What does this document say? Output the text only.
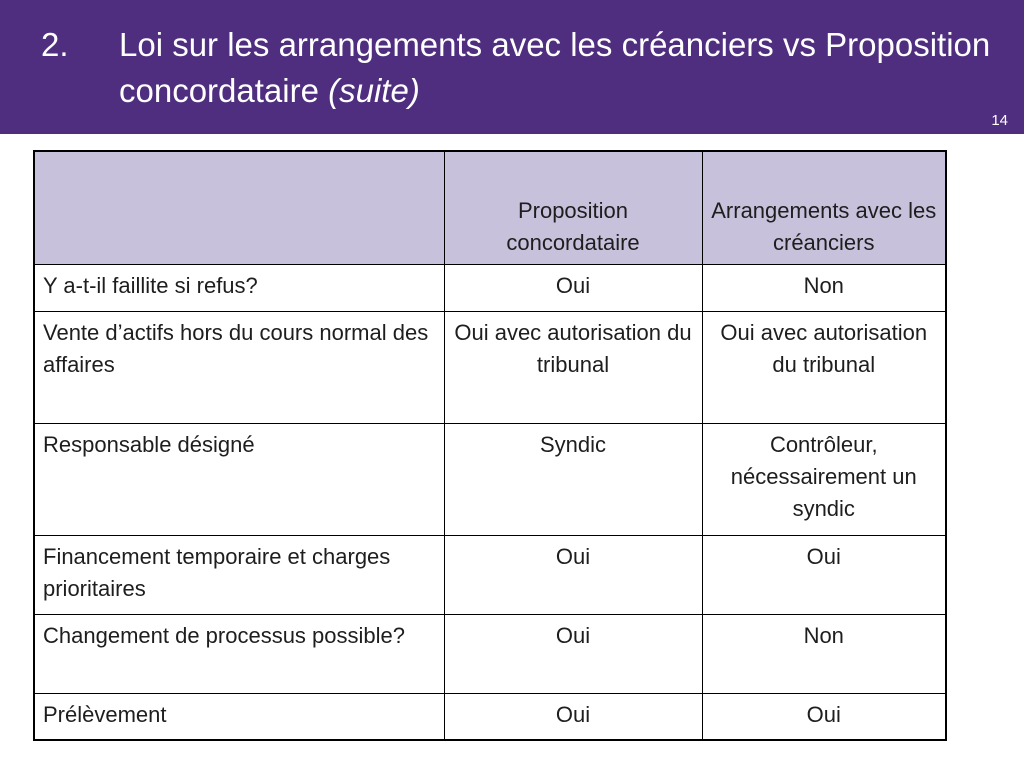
2. Loi sur les arrangements avec les créanciers vs Proposition concordataire (suite)
14
	Proposition concordataire	Arrangements avec les créanciers
Y a-t-il faillite si refus?	Oui	Non
Vente d’actifs hors du cours normal des affaires	Oui avec autorisation du tribunal	Oui avec autorisation du tribunal
Responsable désigné	Syndic	Contrôleur, nécessairement un syndic
Financement temporaire et charges prioritaires	Oui	Oui
Changement de processus possible?	Oui	Non
Prélèvement	Oui	Oui
